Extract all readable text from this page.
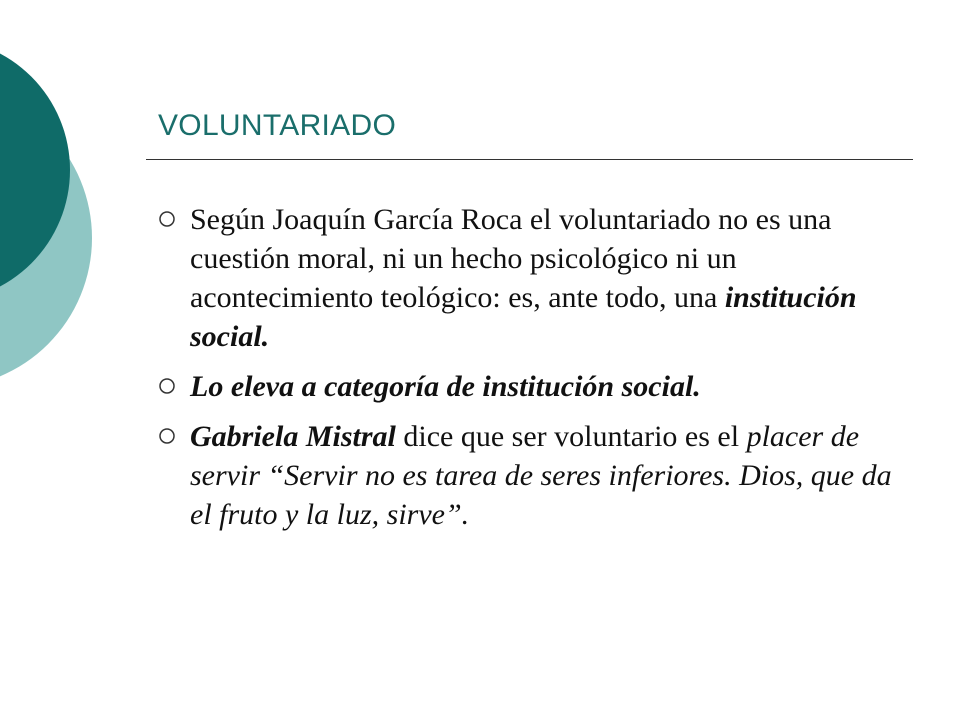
VOLUNTARIADO
Según Joaquín García Roca el voluntariado no es una cuestión moral, ni un hecho psicológico ni un acontecimiento teológico: es, ante todo, una institución social.
Lo eleva a categoría de institución social.
Gabriela Mistral dice que ser voluntario es el placer de servir “Servir no es tarea de seres inferiores. Dios, que da el fruto y la luz, sirve”.
